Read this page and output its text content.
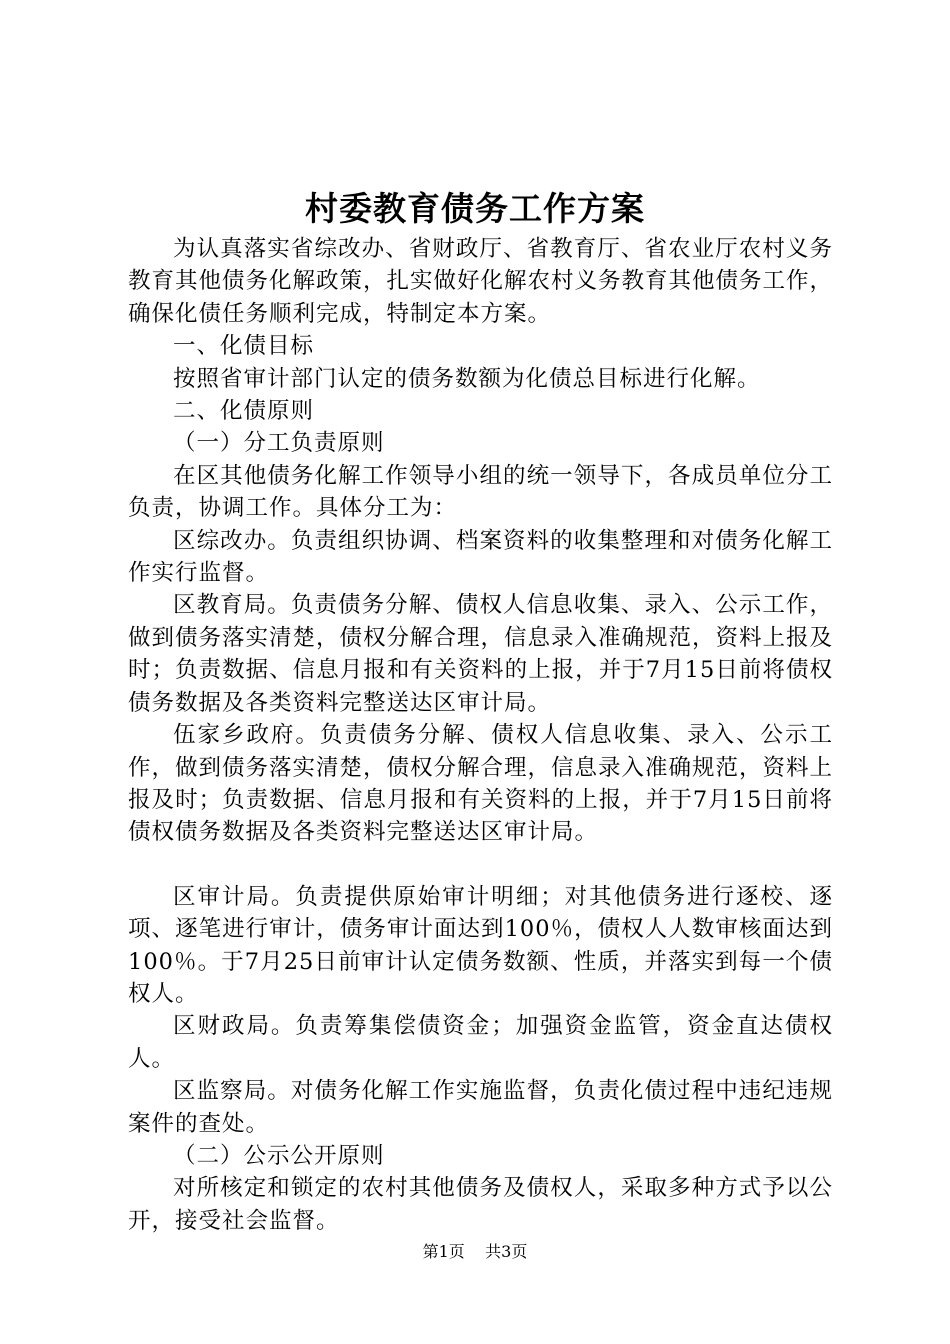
村委教育债务工作方案

为认真落实省综改办、省财政厅、省教育厅、省农业厅农村义务教育其他债务化解政策，扎实做好化解农村义务教育其他债务工作，确保化债任务顺利完成，特制定本方案。

一、化债目标

按照省审计部门认定的债务数额为化债总目标进行化解。

二、化债原则

（一）分工负责原则

在区其他债务化解工作领导小组的统一领导下，各成员单位分工负责，协调工作。具体分工为：

区综改办。负责组织协调、档案资料的收集整理和对债务化解工作实行监督。

区教育局。负责债务分解、债权人信息收集、录入、公示工作，做到债务落实清楚，债权分解合理，信息录入准确规范，资料上报及时；负责数据、信息月报和有关资料的上报，并于7月15日前将债权债务数据及各类资料完整送达区审计局。

伍家乡政府。负责债务分解、债权人信息收集、录入、公示工作，做到债务落实清楚，债权分解合理，信息录入准确规范，资料上报及时；负责数据、信息月报和有关资料的上报，并于7月15日前将债权债务数据及各类资料完整送达区审计局。

区审计局。负责提供原始审计明细；对其他债务进行逐校、逐项、逐笔进行审计，债务审计面达到100％，债权人人数审核面达到100％。于7月25日前审计认定债务数额、性质，并落实到每一个债权人。

区财政局。负责筹集偿债资金；加强资金监管，资金直达债权人。

区监察局。对债务化解工作实施监督，负责化债过程中违纪违规案件的查处。

（二）公示公开原则

对所核定和锁定的农村其他债务及债权人，采取多种方式予以公开，接受社会监督。

第1页 共3页
